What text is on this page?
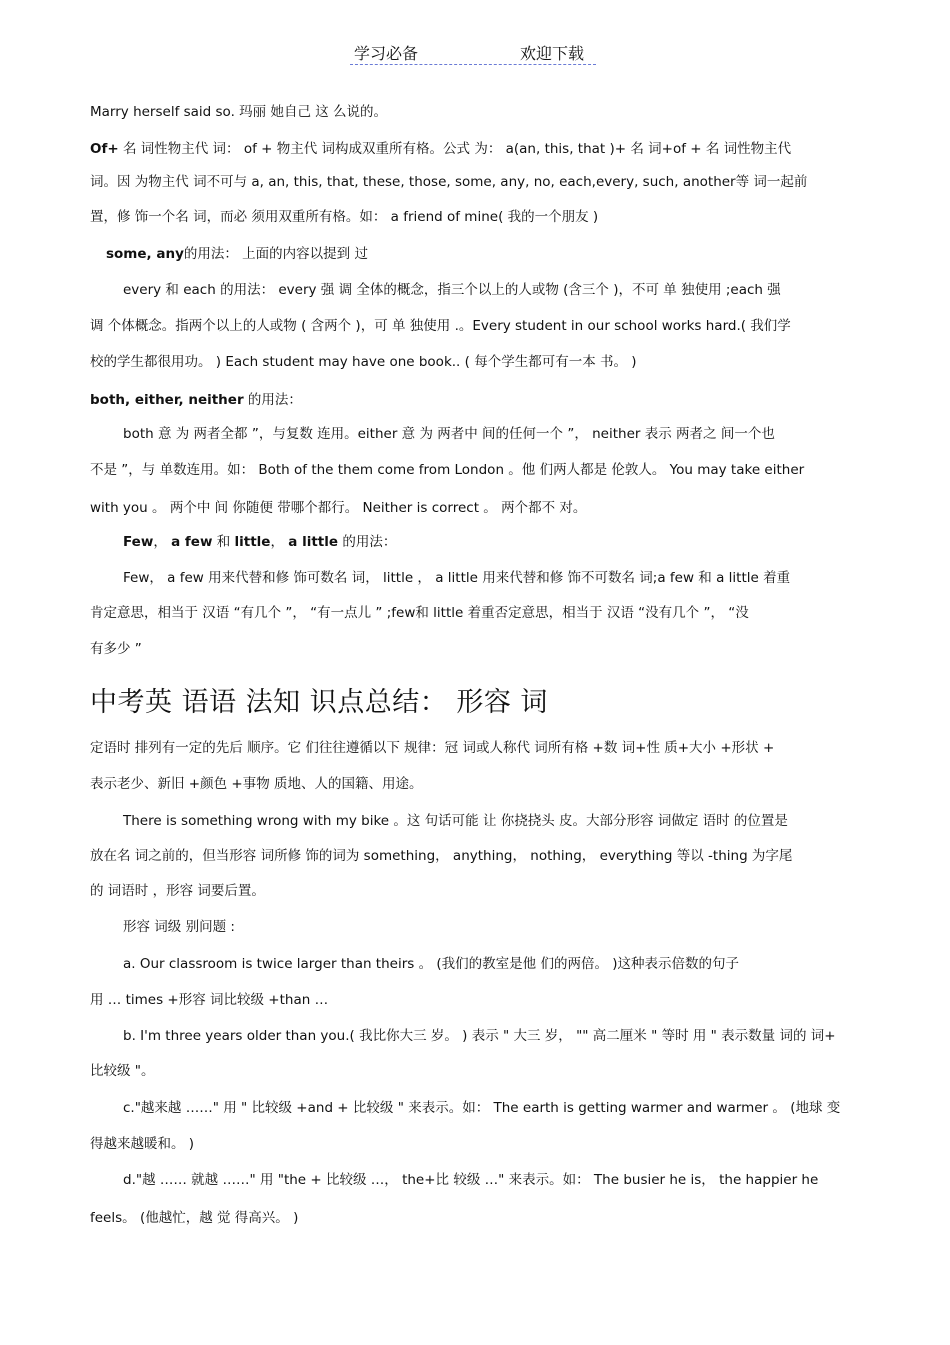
学习必备	欢迎下载
Marry herself said so. 玛丽 她自己 这 么说的。
Of+ 名 词性物主代 词： of + 物主代 词构成双重所有格。公式 为： a(an, this, that )+ 名 词+of + 名 词性物主代
词。因 为物主代 词不可与 a, an, this, that, these, those, some, any, no, each,every, such, another等 词一起前
置，修 饰一个名 词，而必 须用双重所有格。如： a friend of mine( 我的一个朋友 )
some, any的用法： 上面的内容以提到 过
every 和 each 的用法： every 强 调 全体的概念，指三个以上的人或物 (含三个 )，不可 单 独使用 ;each 强
调 个体概念。指两个以上的人或物 ( 含两个 )，可 单 独使用 .。Every student in our school works hard.( 我们学
校的学生都很用功。 ) Each student may have one book.. ( 每个学生都可有一本 书。 )
both, either, neither 的用法：
both 意 为 两者全都 ”，与复数 连用。either 意 为 两者中 间的任何一个 ”， neither 表示 两者之 间一个也
不是 ”，与 单数连用。如： Both of the them come from London 。他 们两人都是 伦敦人。 You may take either
with you 。 两个中 间 你随便 带哪个都行。 Neither is correct 。 两个都不 对。
Few， a few 和 little， a little 的用法：
Few， a few 用来代替和修 饰可数名 词， little ， a little 用来代替和修 饰不可数名 词;a few 和 a little 着重
肯定意思，相当于 汉语 “有几个 ”， “有一点儿 ” ;few和 little 着重否定意思，相当于 汉语 “没有几个 ”， “没
有多少 ”
中考英 语语 法知 识点总结： 形容 词
定语时 排列有一定的先后 顺序。它 们往往遵循以下 规律：冠 词或人称代 词所有格 +数 词+性 质+大小 +形状 +
表示老少、新旧 +颜色 +事物 质地、人的国籍、用途。
There is something wrong with my bike 。这 句话可能 让 你挠挠头 皮。大部分形容 词做定 语时 的位置是
放在名 词之前的，但当形容 词所修 饰的词为 something， anything， nothing， everything 等以 -thing 为字尾
的 词语时 ，形容 词要后置。
形容 词级 别问题 :
a. Our classroom is twice larger than theirs 。 (我们的教室是他 们的两倍。 )这种表示倍数的句子
用 … times +形容 词比较级 +than …
b. I'm three years older than you.( 我比你大三 岁。 ) 表示 " 大三 岁， "" 高二厘米 " 等时 用 " 表示数量 词的 词+
比较级 "。
c."越来越 ……" 用 " 比较级 +and + 比较级 " 来表示。如： The earth is getting warmer and warmer 。 (地球 变
得越来越暖和。 )
d."越 …… 就越 ……" 用 "the + 比较级 …， the+比 较级 …" 来表示。如： The busier he is， the happier he
feels。 (他越忙，越 觉 得高兴。 )
